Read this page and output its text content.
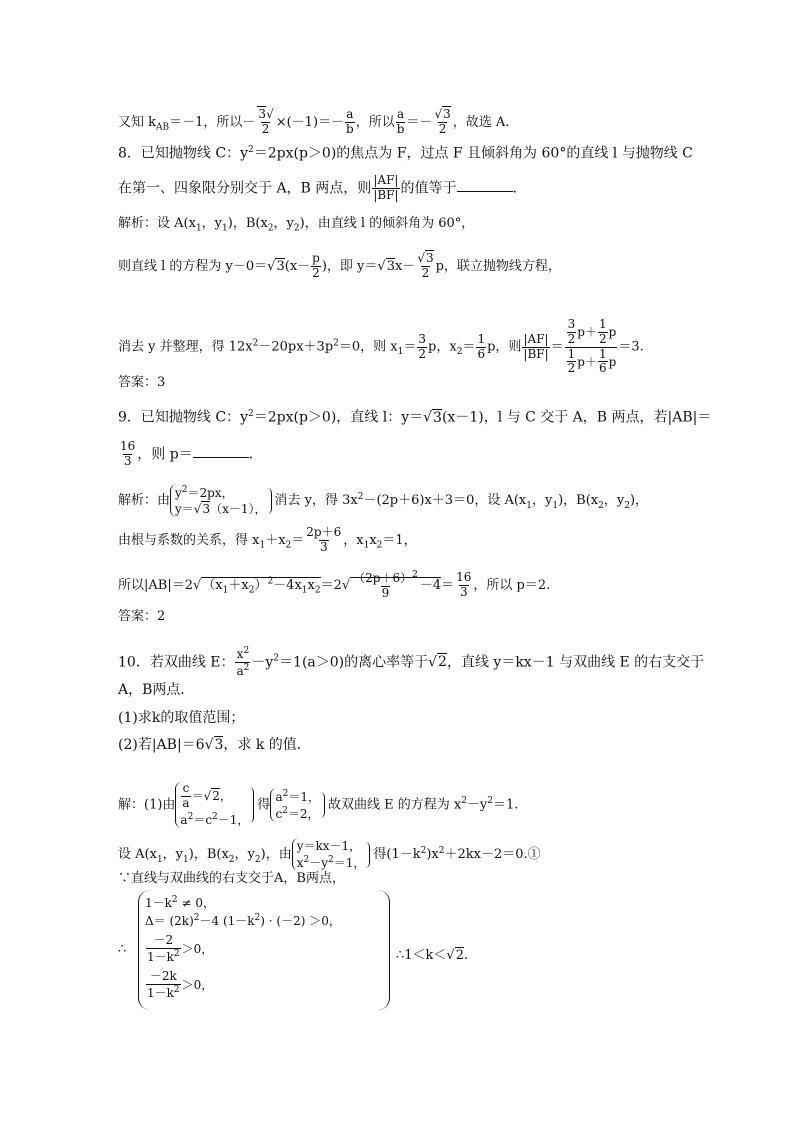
又知 $k_{AB}=-1$，所以－ $\frac{3√}{2} \times(-1)=- \frac{a}{b}$ ，所以 $\frac{a}{b} =- \frac{√3}{2}$ ，故选 A.
8．已知抛物线 C：$y^2=2px(p>0)$的焦点为 F，过点 F 且倾斜角为 60°的直线 l 与抛物线 C
在第一、四象限分别交于 A，B 两点，则 $\frac{|AF|}{|BF|}$ 的值等于	．
解析：设 $A(x_1$，$y_1$)，$B(x_2$，$y_2$)，由直线 l 的倾斜角为 60°，
则直线 l 的方程为 $y-0=√3(x- \frac{p}{2}$ )，即 $y=√3x- \frac{√3}{2}$ p，联立抛物线方程，
消去 y 并整理，得 $12x^2-20px+3p^2=0$，则 $x_1= \frac{3}{2}$ p，$x_2= \frac{1}{6}$ p，则 $\frac{|AF|}{|BF|} = \frac{\frac{3}{2} p+ \frac{1}{2} p}{\frac{1}{2} p+ \frac{1}{6} p} =3$.
答案：3
9．已知抛物线 C：$y^2=2px(p>0)$，直线 l：y＝√3(x－1)，l 与 C 交于 A，B 两点，若|AB|＝
$\frac{16}{3}$ ，则 p＝	．
解析：由$y^2=2px$，
y＝√3（x－1），消去 y，得 $3x^2-(2p+6)x+3=0$，设 $A(x_1$，$y_1$)，$B(x_2$，$y_2$)，
由根与系数的关系，得 $x_1+x_2= \frac{2p+6}{3}$ ，$x_1x_2=1$，
所以$|AB|=2√(x_1+x_2)^2-4x_1x_2=2√ \frac{(2p+6)^2}{9} -4= \frac{16}{3}$ ，所以 p＝2.
答案：2
10．若双曲线 E： $\frac{x^2}{a^2} -y^2=1(a>0)$的离心率等于√2，直线 y＝kx－1 与双曲线 E 的右支交于
A，B两点．
(1)求k的取值范围；
(2)若|AB|＝6√3，求 k 的值．
解：(1)由 $\frac{c}{a} =√2$，
$a^2=c^2-1$，得$a^2=1$，
$c^2=2$，故双曲线 E 的方程为 $x^2-y^2=1$.
设 $A(x_1$，$y_1$)，$B(x_2$，$y_2$)，由y＝kx－1，
$x^2-y^2=1$，得$(1-k^2)x^2+2kx-2=0.①$
∵直线与双曲线的右支交于A，B两点，
∴
$1-k^2 \ne 0$，
$\Delta= (2k)^2-4$ $(1-k^2) \cdot (-2) >0$，
$\frac{-2}{1-k^2} >0$，
$\frac{-2k}{1-k^2} >0$，
∴1＜k＜√2.
